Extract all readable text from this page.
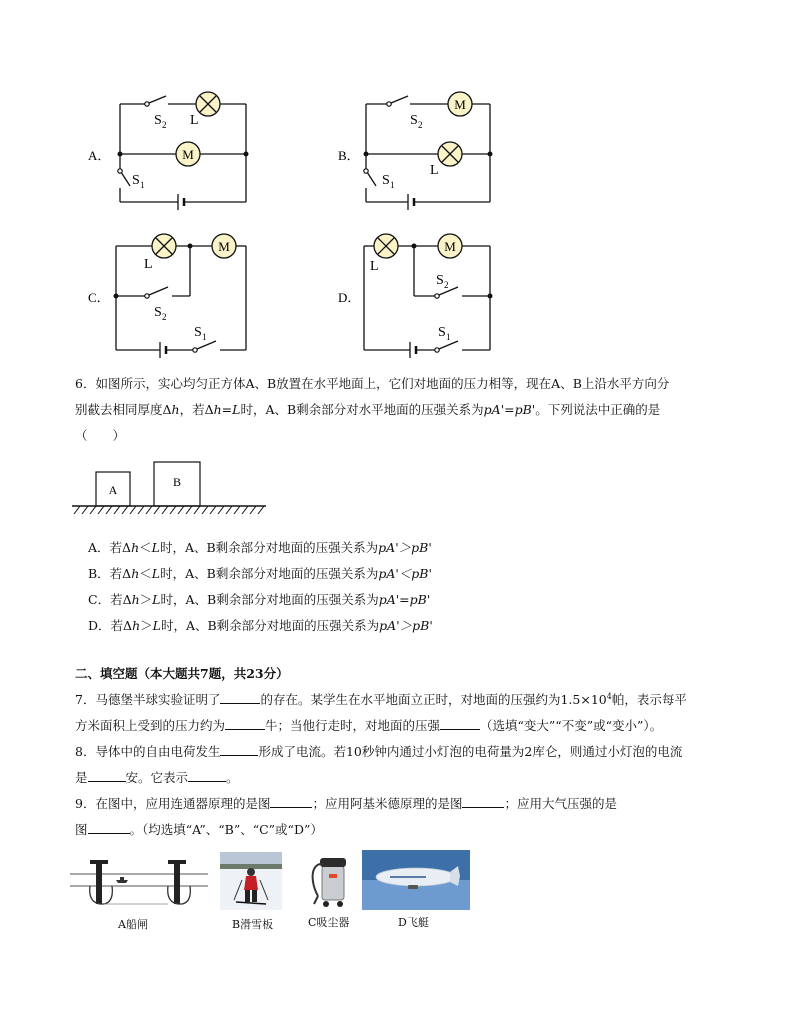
M
L
S 2
S 1
A．
M
L
S 2
S 1
B．
M
L
S 2
S 1
C．
M
L
S 2
S 1
D．
6．如图所示，实心均匀正方体A、B放置在水平地面上，它们对地面的压力相等，现在A、B上沿水平方向分
别截去相同厚度Δh，若Δh=L时，A、B剩余部分对水平地面的压强关系为pA'=pB'。下列说法中正确的是
（　　）
A
B
A．若Δh＜L时，A、B剩余部分对地面的压强关系为pA'＞pB'
B．若Δh＜L时，A、B剩余部分对地面的压强关系为pA'＜pB'
C．若Δh＞L时，A、B剩余部分对地面的压强关系为pA'=pB'
D．若Δh＞L时，A、B剩余部分对地面的压强关系为pA'＞pB'
二、填空题（本大题共7题，共23分）
7．马德堡半球实验证明了	的存在。某学生在水平地面立正时，对地面的压强约为$1.5\times 10^4$帕，表示每平
方米面积上受到的压力约为	牛；当他行走时，对地面的压强	（选填“变大”“不变”或“变小”）。
8．导体中的自由电荷发生	形成了电流。若10秒钟内通过小灯泡的电荷量为2库仑，则通过小灯泡的电流
是	安。它表示	。
9．在图中，应用连通器原理的是图	；应用阿基米德原理的是图	；应用大气压强的是
图	。（均选填“A”、“B”、“C”或“D”）
A船闸	B滑雪板	C吸尘器	D飞艇
